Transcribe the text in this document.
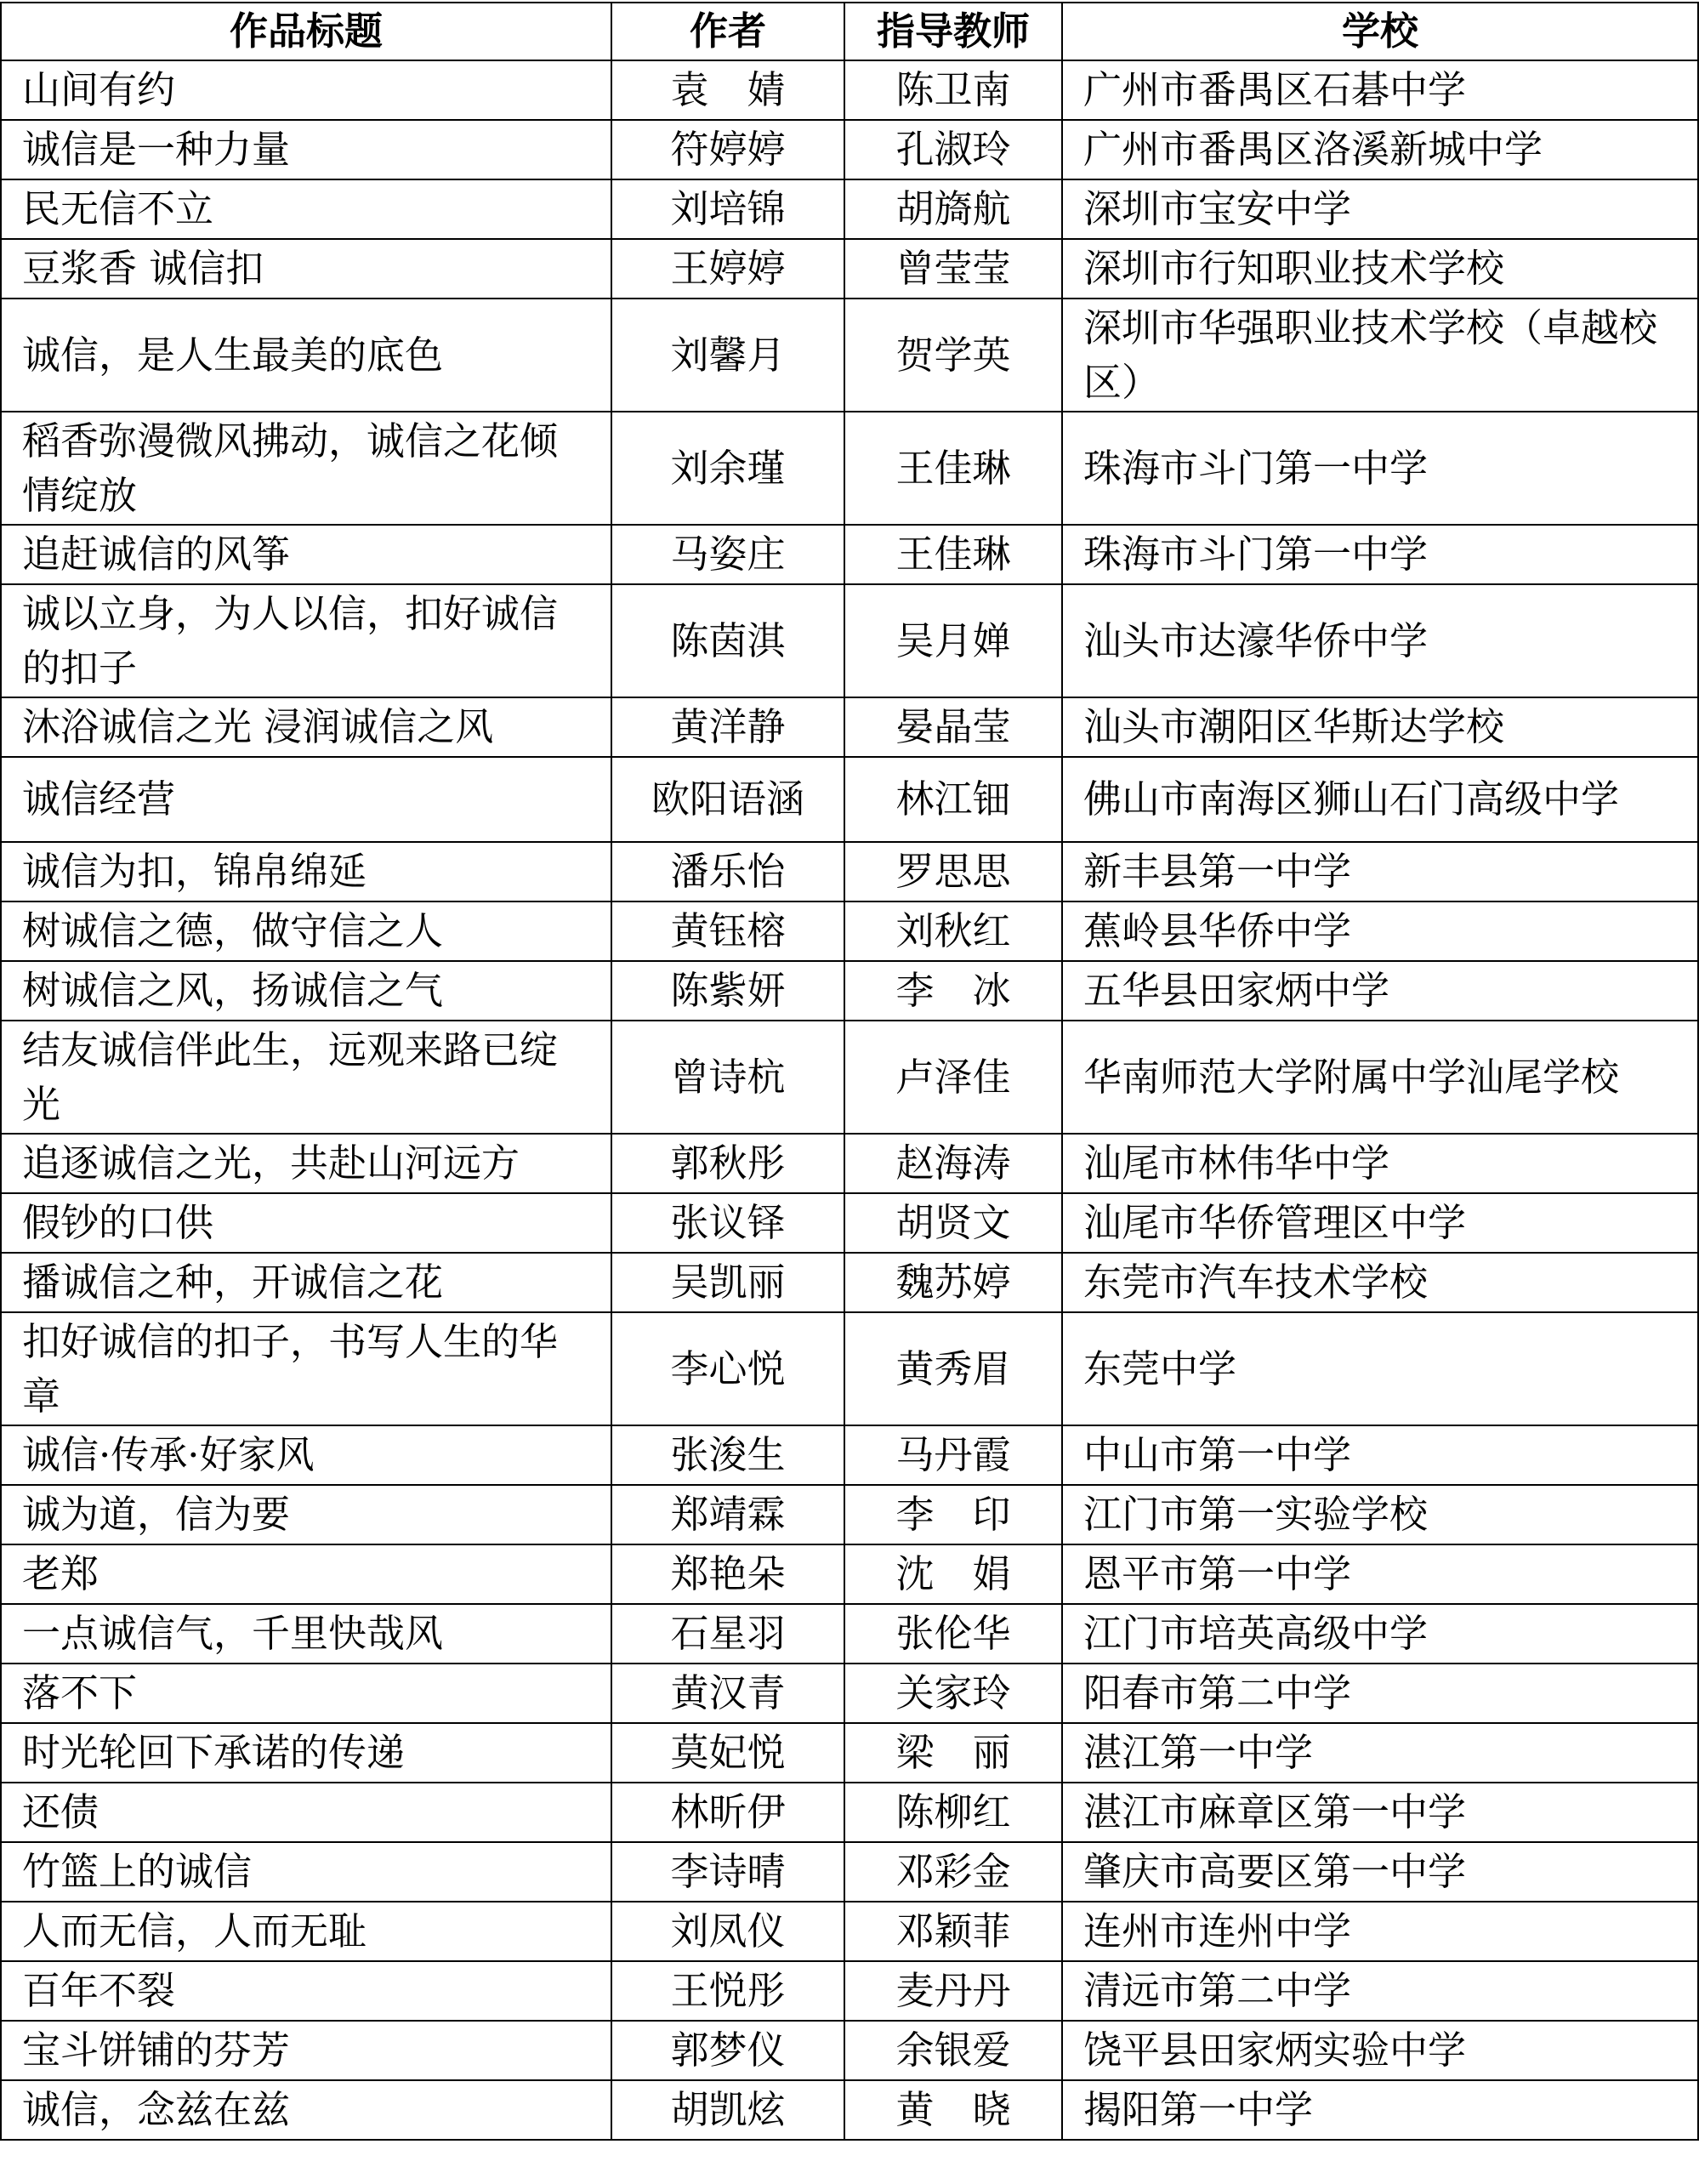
作品标题	作者	指导教师	学校
山间有约	袁　婧	陈卫南	广州市番禺区石碁中学
诚信是一种力量	符婷婷	孔淑玲	广州市番禺区洛溪新城中学
民无信不立	刘培锦	胡旖航	深圳市宝安中学
豆浆香 诚信扣	王婷婷	曾莹莹	深圳市行知职业技术学校
诚信，是人生最美的底色	刘馨月	贺学英	深圳市华强职业技术学校（卓越校区）
稻香弥漫微风拂动，诚信之花倾情绽放	刘余瑾	王佳琳	珠海市斗门第一中学
追赶诚信的风筝	马姿庄	王佳琳	珠海市斗门第一中学
诚以立身，为人以信，扣好诚信的扣子	陈茵淇	吴月婵	汕头市达濠华侨中学
沐浴诚信之光 浸润诚信之风	黄洋静	晏晶莹	汕头市潮阳区华斯达学校
诚信经营	欧阳语涵	林江钿	佛山市南海区狮山石门高级中学
诚信为扣，锦帛绵延	潘乐怡	罗思思	新丰县第一中学
树诚信之德，做守信之人	黄钰榕	刘秋红	蕉岭县华侨中学
树诚信之风，扬诚信之气	陈紫妍	李　冰	五华县田家炳中学
结友诚信伴此生，远观来路已绽光	曾诗杭	卢泽佳	华南师范大学附属中学汕尾学校
追逐诚信之光，共赴山河远方	郭秋彤	赵海涛	汕尾市林伟华中学
假钞的口供	张议铎	胡贤文	汕尾市华侨管理区中学
播诚信之种，开诚信之花	吴凯丽	魏苏婷	东莞市汽车技术学校
扣好诚信的扣子，书写人生的华章	李心悦	黄秀眉	东莞中学
诚信·传承·好家风	张浚生	马丹霞	中山市第一中学
诚为道，信为要	郑靖霖	李　印	江门市第一实验学校
老郑	郑艳朵	沈　娟	恩平市第一中学
一点诚信气，千里快哉风	石星羽	张伦华	江门市培英高级中学
落不下	黄汉青	关家玲	阳春市第二中学
时光轮回下承诺的传递	莫妃悦	梁　丽	湛江第一中学
还债	林昕伊	陈柳红	湛江市麻章区第一中学
竹篮上的诚信	李诗晴	邓彩金	肇庆市高要区第一中学
人而无信，人而无耻	刘凤仪	邓颖菲	连州市连州中学
百年不裂	王悦彤	麦丹丹	清远市第二中学
宝斗饼铺的芬芳	郭梦仪	余银爱	饶平县田家炳实验中学
诚信，念兹在兹	胡凯炫	黄　晓	揭阳第一中学
